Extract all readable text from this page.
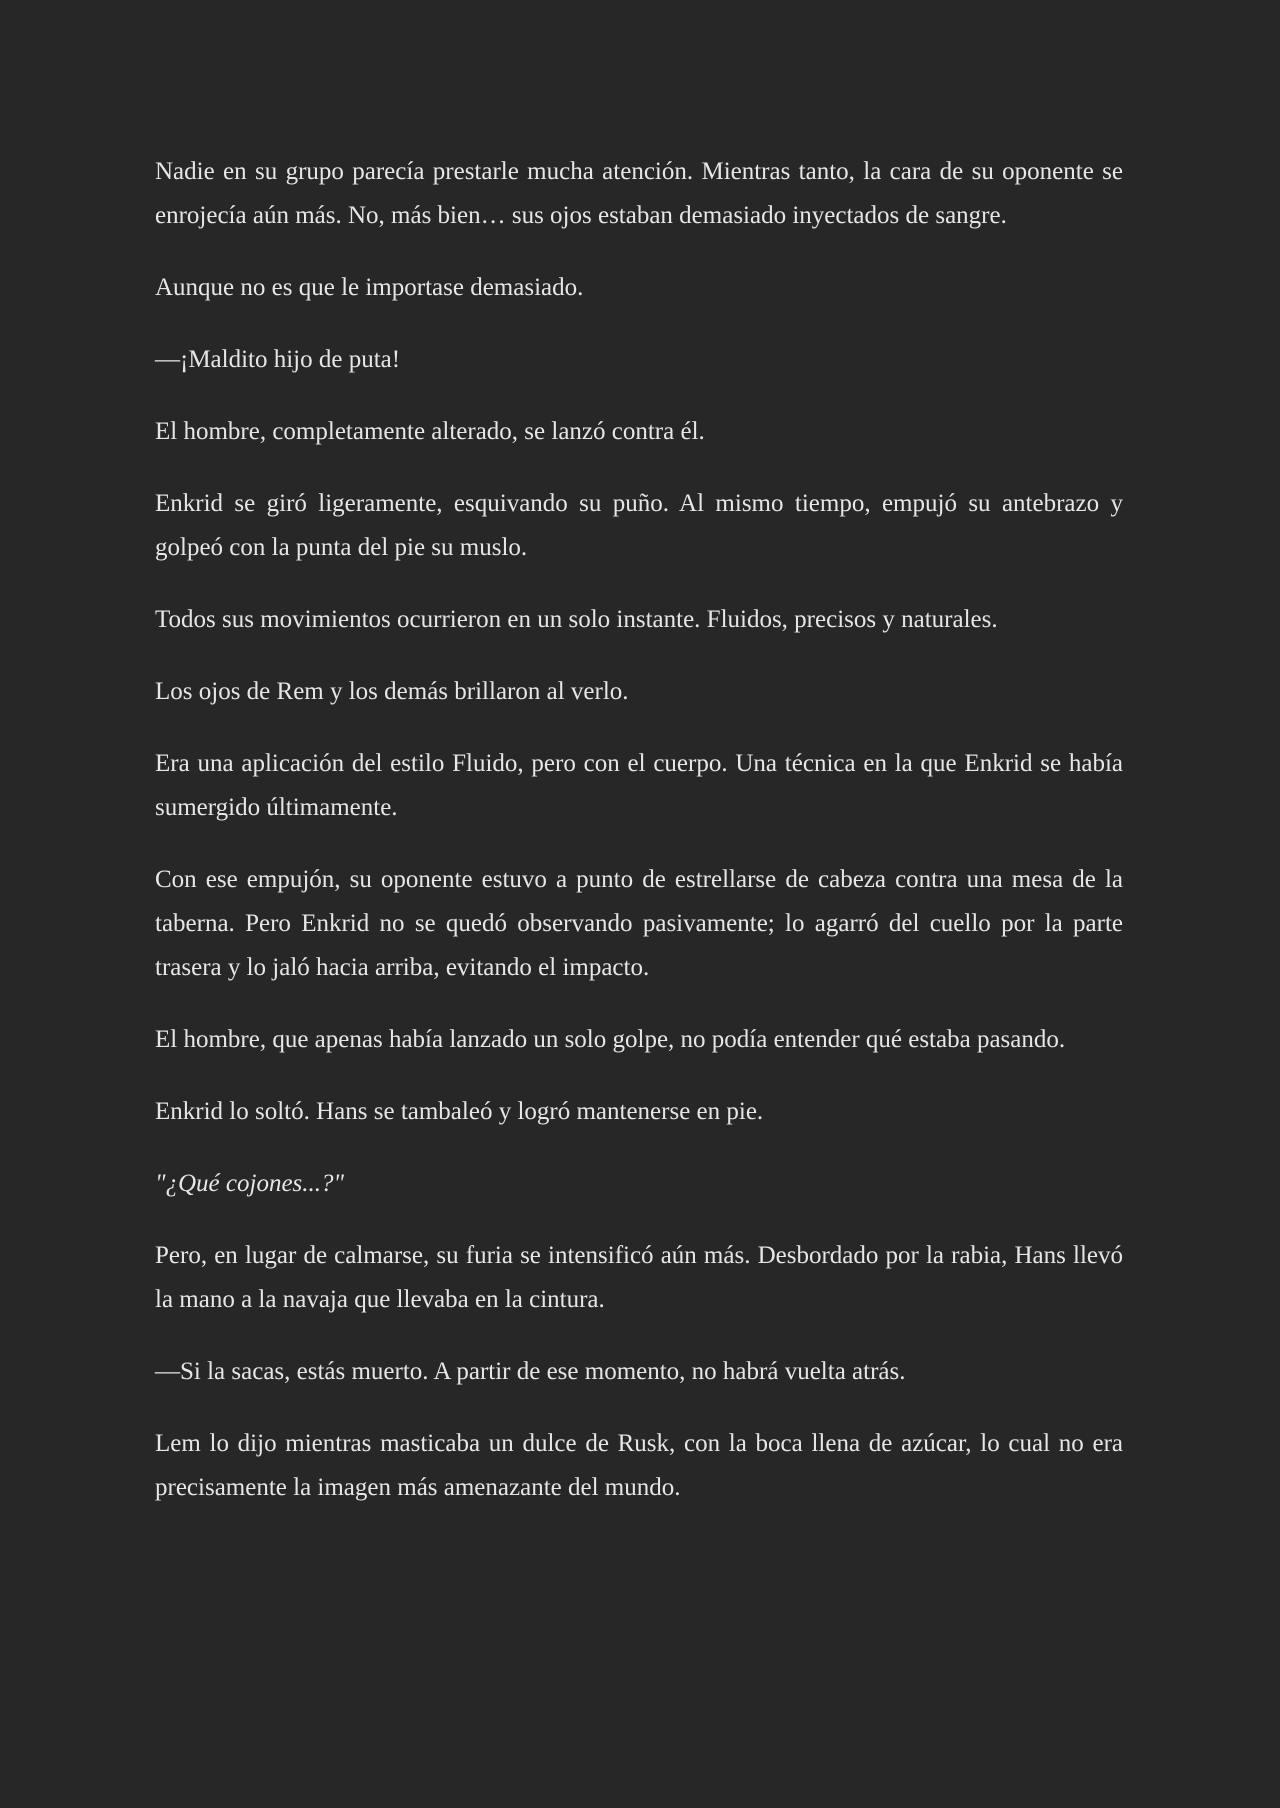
Nadie en su grupo parecía prestarle mucha atención. Mientras tanto, la cara de su oponente se enrojecía aún más. No, más bien… sus ojos estaban demasiado inyectados de sangre.

Aunque no es que le importase demasiado.

—¡Maldito hijo de puta!

El hombre, completamente alterado, se lanzó contra él.

Enkrid se giró ligeramente, esquivando su puño. Al mismo tiempo, empujó su antebrazo y golpeó con la punta del pie su muslo.

Todos sus movimientos ocurrieron en un solo instante. Fluidos, precisos y naturales.

Los ojos de Rem y los demás brillaron al verlo.

Era una aplicación del estilo Fluido, pero con el cuerpo. Una técnica en la que Enkrid se había sumergido últimamente.

Con ese empujón, su oponente estuvo a punto de estrellarse de cabeza contra una mesa de la taberna. Pero Enkrid no se quedó observando pasivamente; lo agarró del cuello por la parte trasera y lo jaló hacia arriba, evitando el impacto.

El hombre, que apenas había lanzado un solo golpe, no podía entender qué estaba pasando.

Enkrid lo soltó. Hans se tambaleó y logró mantenerse en pie.

"¿Qué cojones...?"

Pero, en lugar de calmarse, su furia se intensificó aún más. Desbordado por la rabia, Hans llevó la mano a la navaja que llevaba en la cintura.

—Si la sacas, estás muerto. A partir de ese momento, no habrá vuelta atrás.

Lem lo dijo mientras masticaba un dulce de Rusk, con la boca llena de azúcar, lo cual no era precisamente la imagen más amenazante del mundo.
